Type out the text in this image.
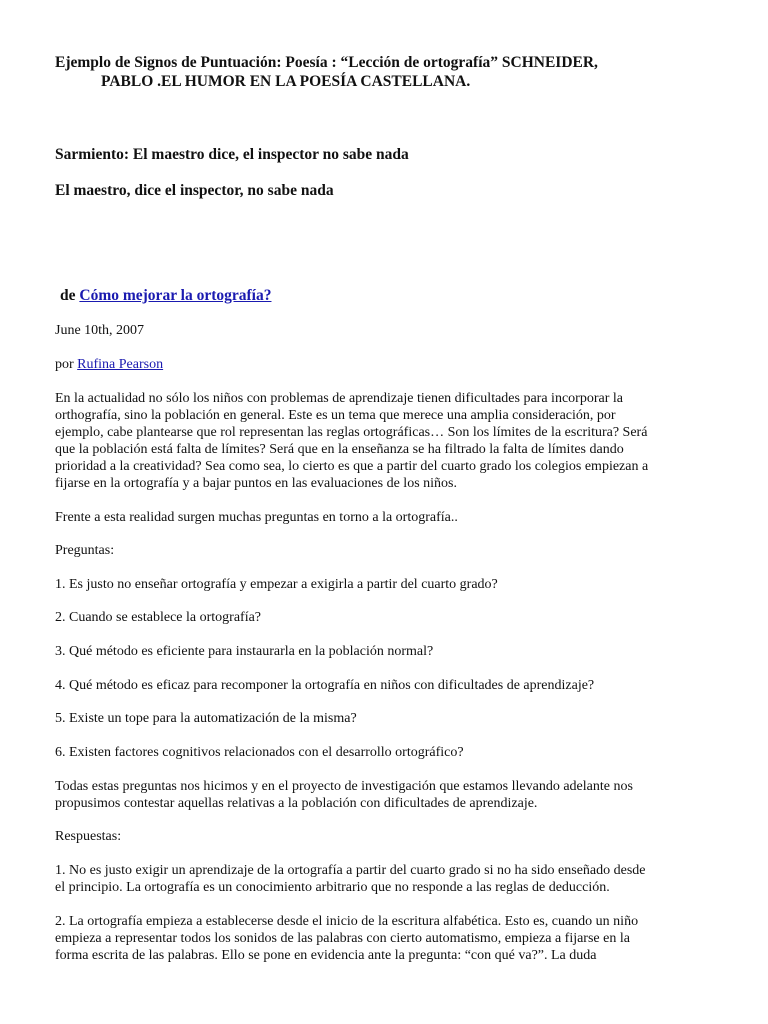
Ejemplo de Signos de Puntuación: Poesía : “Lección de ortografía” SCHNEIDER,
PABLO .EL HUMOR EN LA POESÍA CASTELLANA.
Sarmiento: El maestro dice, el inspector no sabe nada
El maestro, dice el inspector, no sabe nada
de Cómo mejorar la ortografía?
June 10th, 2007
por Rufina Pearson

En la actualidad no sólo los niños con problemas de aprendizaje tienen dificultades para incorporar la
orthografía, sino la población en general. Este es un tema que merece una amplia consideración, por
ejemplo, cabe plantearse que rol representan las reglas ortográficas… Son los límites de la escritura? Será
que la población está falta de límites? Será que en la enseñanza se ha filtrado la falta de límites dando
prioridad a la creatividad? Sea como sea, lo cierto es que a partir del cuarto grado los colegios empiezan a
fijarse en la ortografía y a bajar puntos en las evaluaciones de los niños.

Frente a esta realidad surgen muchas preguntas en torno a la ortografía..

Preguntas:

1. Es justo no enseñar ortografía y empezar a exigirla a partir del cuarto grado?

2. Cuando se establece la ortografía?

3. Qué método es eficiente para instaurarla en la población normal?

4. Qué método es eficaz para recomponer la ortografía en niños con dificultades de aprendizaje?

5. Existe un tope para la automatización de la misma?

6. Existen factores cognitivos relacionados con el desarrollo ortográfico?

Todas estas preguntas nos hicimos y en el proyecto de investigación que estamos llevando adelante nos
propusimos contestar aquellas relativas a la población con dificultades de aprendizaje.

Respuestas:

1. No es justo exigir un aprendizaje de la ortografía a partir del cuarto grado si no ha sido enseñado desde
el principio. La ortografía es un conocimiento arbitrario que no responde a las reglas de deducción.

2. La ortografía empieza a establecerse desde el inicio de la escritura alfabética. Esto es, cuando un niño
empieza a representar todos los sonidos de las palabras con cierto automatismo, empieza a fijarse en la
forma escrita de las palabras. Ello se pone en evidencia ante la pregunta: “con qué va?”. La duda
